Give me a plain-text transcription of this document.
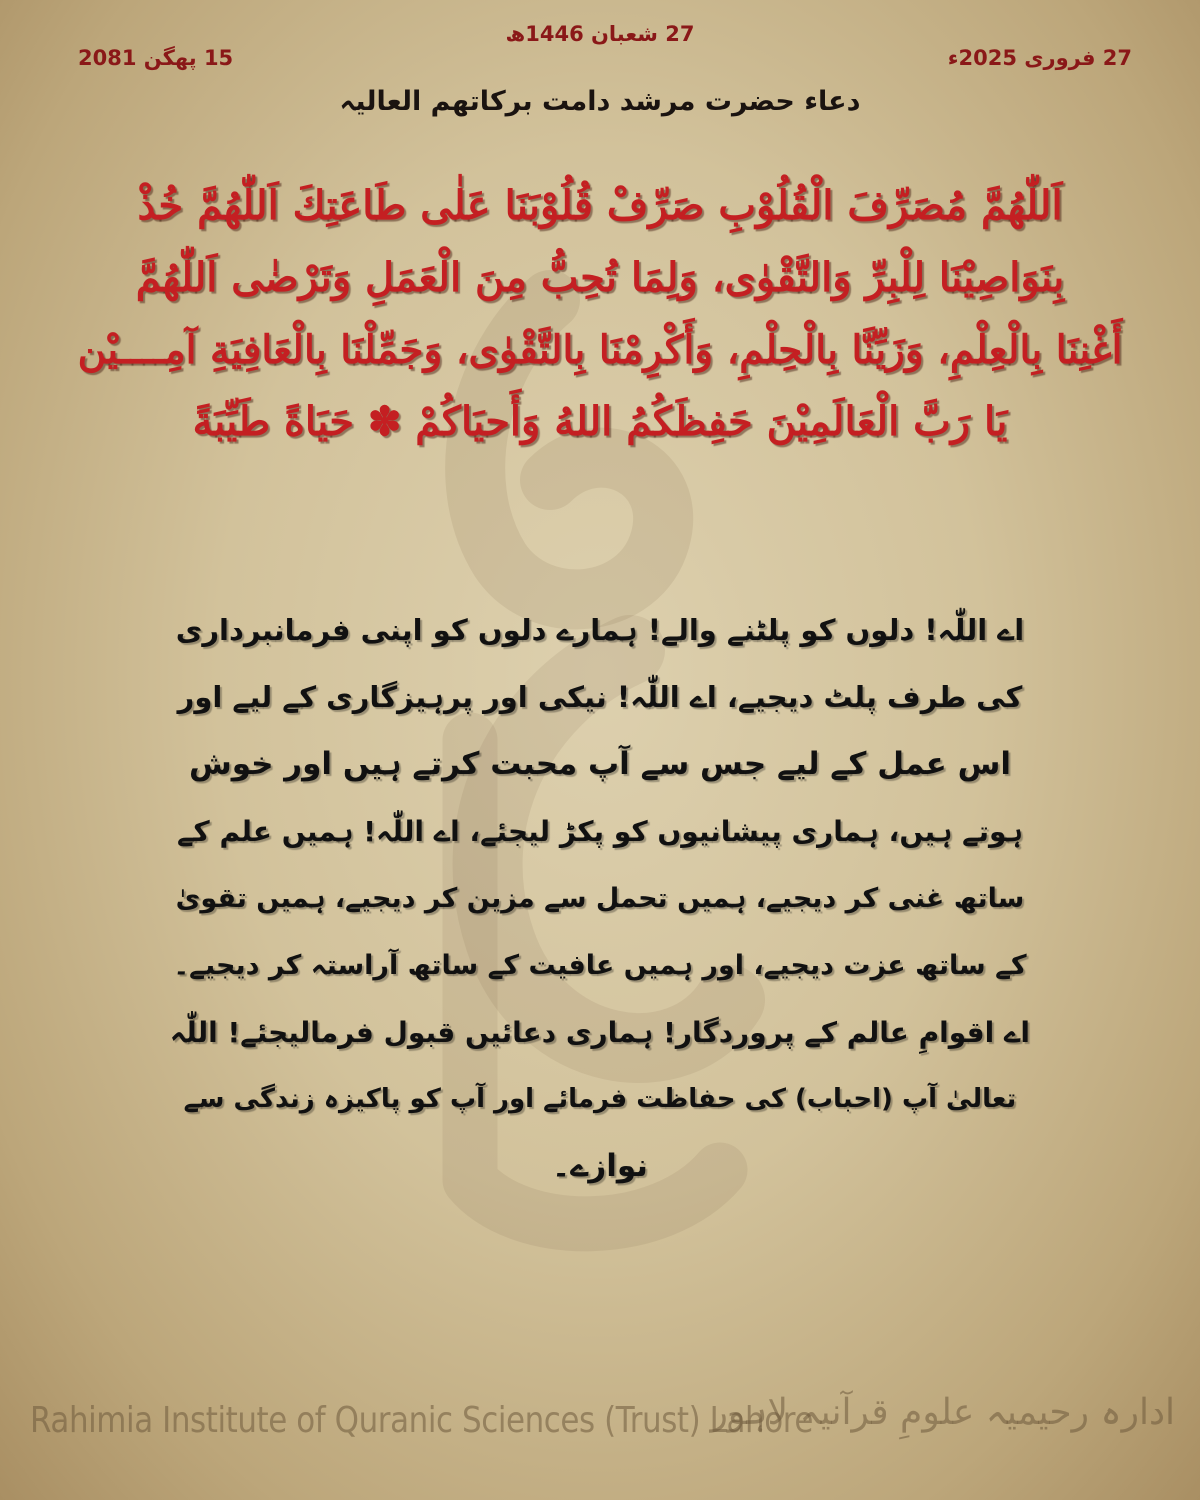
27 شعبان 1446ھ
27 فروری 2025ء
15 پھگن 2081
دعاء حضرت مرشد دامت برکاتھم العالیہ
اَللّٰهُمَّ مُصَرِّفَ الْقُلُوْبِ صَرِّفْ قُلُوْبَنَا عَلٰى طَاعَتِكَ اَللّٰهُمَّ خُذْ
بِنَوَاصِيْنَا لِلْبِرِّ وَالتَّقْوٰى، وَلِمَا تُحِبُّ مِنَ الْعَمَلِ وَتَرْضٰى اَللّٰهُمَّ
أَغْنِنَا بِالْعِلْمِ، وَزَيِّنَّا بِالْحِلْمِ، وَأَكْرِمْنَا بِالتَّقْوٰى، وَجَمِّلْنَا بِالْعَافِيَةِ آمِــــيْن
يَا رَبَّ الْعَالَمِيْنَ حَفِظَكُمُ اللهُ وَأَحيَاكُمْ ✽ حَيَاةً طَيِّبَةً
اے اللّٰہ! دلوں کو پلٹنے والے! ہمارے دلوں کو اپنی فرمانبرداری
کی طرف پلٹ دیجیے، اے اللّٰہ! نیکی اور پرہیزگاری کے لیے اور
اس عمل کے لیے جس سے آپ محبت کرتے ہیں اور خوش
ہوتے ہیں، ہماری پیشانیوں کو پکڑ لیجئے، اے اللّٰہ! ہمیں علم کے
ساتھ غنی کر دیجیے، ہمیں تحمل سے مزین کر دیجیے، ہمیں تقویٰ
کے ساتھ عزت دیجیے، اور ہمیں عافیت کے ساتھ آراستہ کر دیجیے۔
اے اقوامِ عالم کے پروردگار! ہماری دعائیں قبول فرمالیجئے! اللّٰہ
تعالیٰ آپ (احباب) کی حفاظت فرمائے اور آپ کو پاکیزہ زندگی سے
نوازے۔
Rahimia Institute of Quranic Sciences (Trust) Lahore
ادارہ رحیمیہ علومِ قرآنیہ لاہور
